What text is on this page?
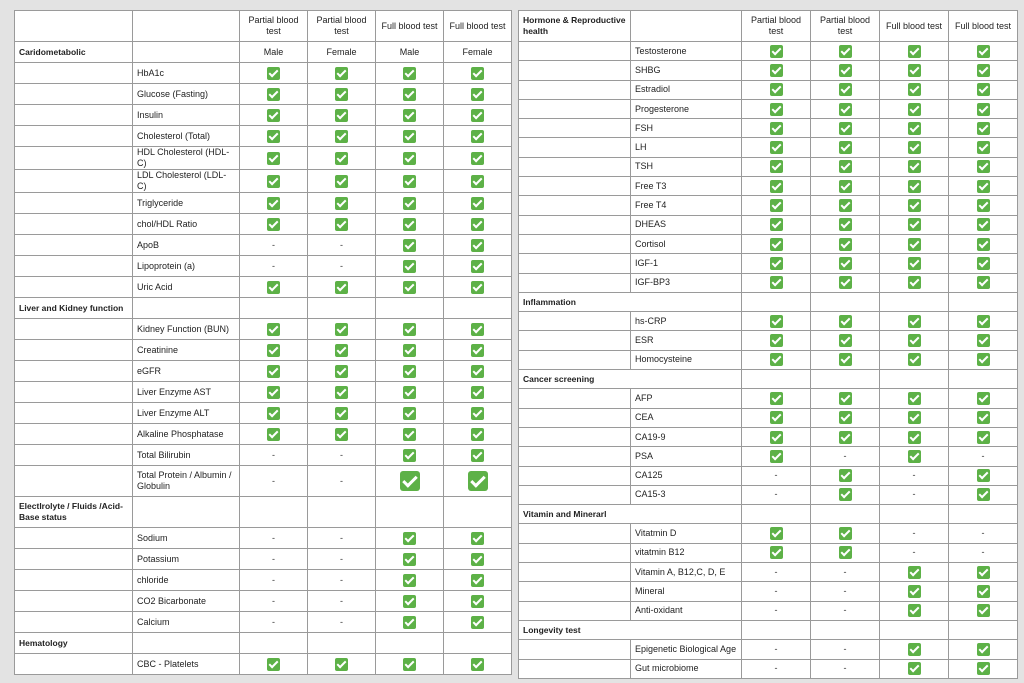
		Partial blood test	Partial blood test	Full blood test	Full blood test
Caridometabolic		Male	Female	Male	Female
	HbA1c				
	Glucose (Fasting)				
	Insulin				
	Cholesterol (Total)				
	HDL Cholesterol (HDL-C)				
	LDL Cholesterol (LDL-C)				
	Triglyceride				
	chol/HDL Ratio				
	ApoB	-	-		
	Lipoprotein (a)	-	-		
	Uric Acid				
Liver and Kidney function					
	Kidney Function (BUN)				
	Creatinine				
	eGFR				
	Liver Enzyme AST				
	Liver Enzyme ALT				
	Alkaline Phosphatase				
	Total Bilirubin	-	-		
	Total Protein / Albumin / Globulin	-	-		
Electlrolyte / Fluids /Acid-Base status					
	Sodium	-	-		
	Potassium	-	-		
	chloride	-	-		
	CO2 Bicarbonate	-	-		
	Calcium	-	-		
Hematology					
	CBC - Platelets				
Hormone & Reproductive health		Partial blood test	Partial blood test	Full blood test	Full blood test
	Testosterone				
	SHBG				
	Estradiol				
	Progesterone				
	FSH				
	LH				
	TSH				
	Free T3				
	Free T4				
	DHEAS				
	Cortisol				
	IGF-1				
	IGF-BP3				
Inflammation					
	hs-CRP				
	ESR				
	Homocysteine				
Cancer screening					
	AFP				
	CEA				
	CA19-9				
	PSA		-		-
	CA125	-		-	
	CA15-3	-		-	
Vitamin and Minerarl					
	Vitatmin D			-	-
	vitatmin B12			-	-
	Vitamin A, B12,C, D, E	-	-		
	Mineral	-	-		
	Anti-oxidant	-	-		
Longevity test					
	Epigenetic Biological Age	-	-		
	Gut microbiome	-	-		
